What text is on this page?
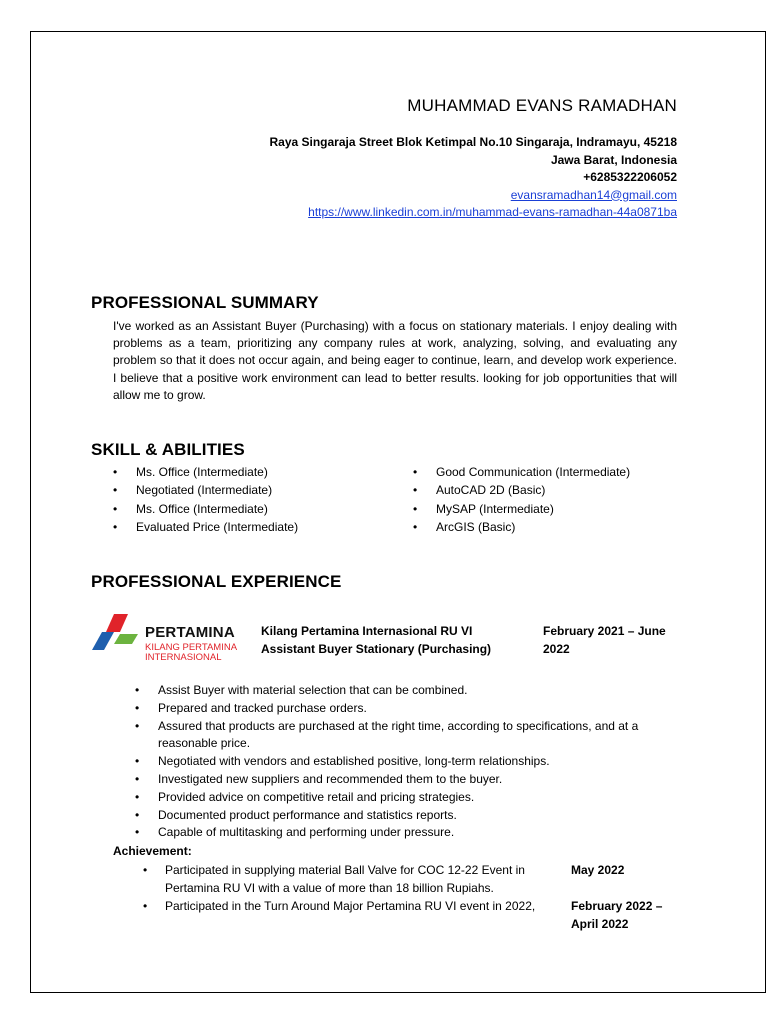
MUHAMMAD EVANS RAMADHAN
Raya Singaraja Street Blok Ketimpal No.10 Singaraja, Indramayu, 45218
Jawa Barat, Indonesia
+6285322206052
evansramadhan14@gmail.com
https://www.linkedin.com.in/muhammad-evans-ramadhan-44a0871ba
PROFESSIONAL SUMMARY
I've worked as an Assistant Buyer (Purchasing) with a focus on stationary materials. I enjoy dealing with problems as a team, prioritizing any company rules at work, analyzing, solving, and evaluating any problem so that it does not occur again, and being eager to continue, learn, and develop work experience. I believe that a positive work environment can lead to better results. looking for job opportunities that will allow me to grow.
SKILL & ABILITIES
• Ms. Office (Intermediate)
• Negotiated (Intermediate)
• Ms. Office (Intermediate)
• Evaluated Price (Intermediate)
• Good Communication (Intermediate)
• AutoCAD 2D (Basic)
• MySAP (Intermediate)
• ArcGIS (Basic)
PROFESSIONAL EXPERIENCE
PERTAMINA
KILANG PERTAMINA
INTERNASIONAL
Kilang Pertamina Internasional RU VI
Assistant Buyer Stationary (Purchasing)
February 2021 – June
2022
• Assist Buyer with material selection that can be combined.
• Prepared and tracked purchase orders.
• Assured that products are purchased at the right time, according to specifications, and at a reasonable price.
• Negotiated with vendors and established positive, long-term relationships.
• Investigated new suppliers and recommended them to the buyer.
• Provided advice on competitive retail and pricing strategies.
• Documented product performance and statistics reports.
• Capable of multitasking and performing under pressure.
Achievement:
• Participated in supplying material Ball Valve for COC 12-22 Event in Pertamina RU VI with a value of more than 18 billion Rupiahs.
May 2022
• Participated in the Turn Around Major Pertamina RU VI event in 2022,	February 2022 – April 2022
